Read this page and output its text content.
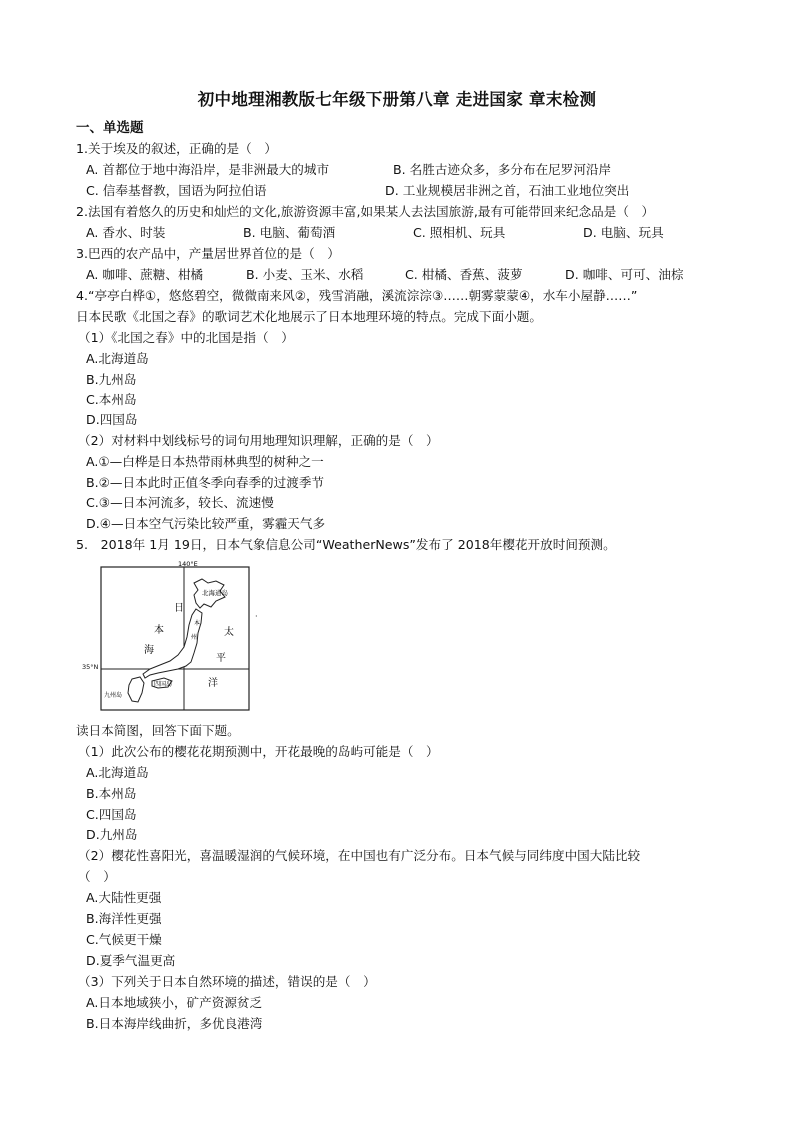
初中地理湘教版七年级下册第八章 走进国家 章末检测
一、单选题
1.关于埃及的叙述，正确的是（　）
A. 首都位于地中海沿岸，是非洲最大的城市	B. 名胜古迹众多，多分布在尼罗河沿岸
C. 信奉基督教，国语为阿拉伯语	D. 工业规模居非洲之首，石油工业地位突出
2.法国有着悠久的历史和灿烂的文化,旅游资源丰富,如果某人去法国旅游,最有可能带回来纪念品是（　）
A. 香水、时装	B. 电脑、葡萄酒	C. 照相机、玩具	D. 电脑、玩具
3.巴西的农产品中，产量居世界首位的是（　）
A. 咖啡、蔗糖、柑橘	B. 小麦、玉米、水稻	C. 柑橘、香蕉、菠萝	D. 咖啡、可可、油棕
4.“亭亭白桦①，悠悠碧空，微微南来风②，残雪消融，溪流淙淙③……朝雾蒙蒙④，水车小屋静……”
日本民歌《北国之春》的歌词艺术化地展示了日本地理环境的特点。完成下面小题。
（1）《北国之春》中的北国是指（　）
A.北海道岛
B.九州岛
C.本州岛
D.四国岛
（2）对材料中划线标号的词句用地理知识理解，正确的是（　）
A.①—白桦是日本热带雨林典型的树种之一
B.②—日本此时正值冬季向春季的过渡季节
C.③—日本河流多，较长、流速慢
D.④—日本空气污染比较严重，雾霾天气多
5.　2018年 1月 19日，日本气象信息公司“WeatherNews”发布了 2018年樱花开放时间预测。
140°E
·
北海道岛
本
州
四国岛
九州岛
日
本
海
太
平
洋
35°N
读日本简图，回答下面下题。
（1）此次公布的樱花花期预测中，开花最晚的岛屿可能是（　）
A.北海道岛
B.本州岛
C.四国岛
D.九州岛
（2）樱花性喜阳光，喜温暖湿润的气候环境，在中国也有广泛分布。日本气候与同纬度中国大陆比较
（　）
A.大陆性更强
B.海洋性更强
C.气候更干燥
D.夏季气温更高
（3）下列关于日本自然环境的描述，错误的是（　）
A.日本地域狭小，矿产资源贫乏
B.日本海岸线曲折，多优良港湾
